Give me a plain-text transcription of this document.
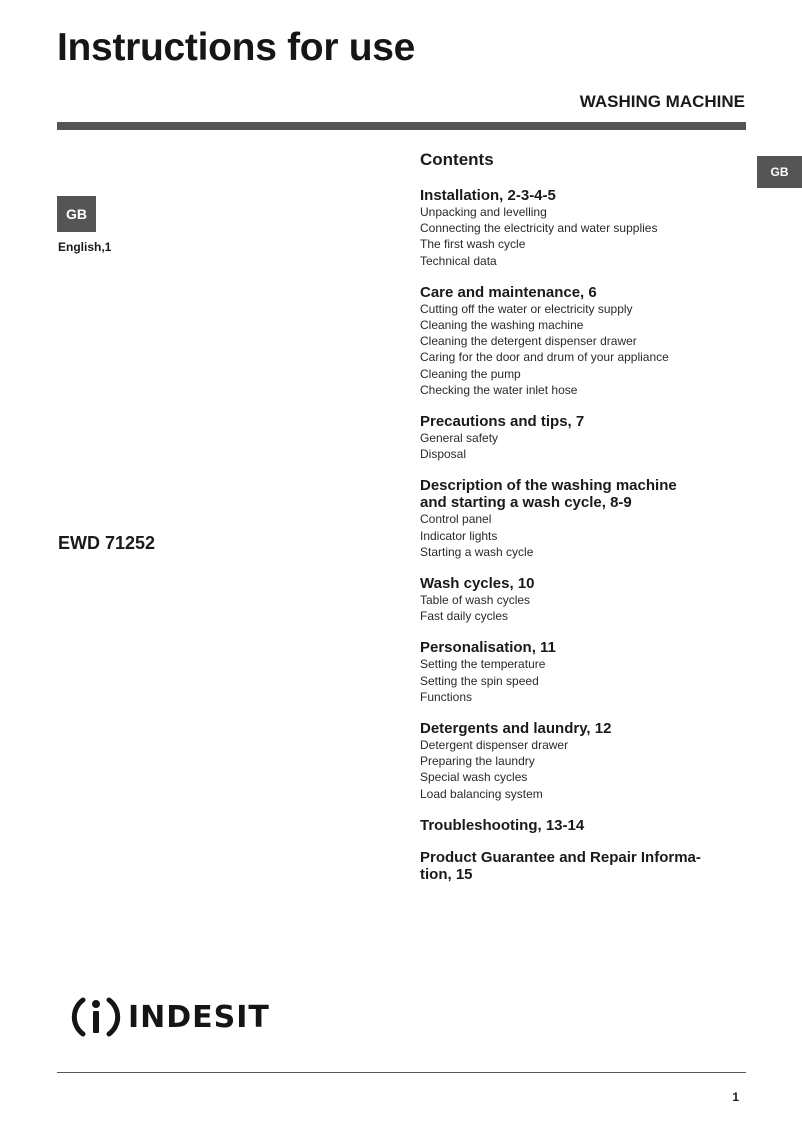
Instructions for use
WASHING MACHINE
GB
GB
English,1
EWD 71252
Contents
Installation, 2-3-4-5
Unpacking and levelling
Connecting the electricity and water supplies
The first wash cycle
Technical data
Care and maintenance, 6
Cutting off the water or electricity supply
Cleaning the washing machine
Cleaning the detergent dispenser drawer
Caring for the door and drum of your appliance
Cleaning the pump
Checking the water inlet hose
Precautions and tips, 7
General safety
Disposal
Description of the washing machine
and starting a wash cycle, 8-9
Control panel
Indicator lights
Starting a wash cycle
Wash cycles, 10
Table of wash cycles
Fast daily cycles
Personalisation, 11
Setting the temperature
Setting the spin speed
Functions
Detergents and laundry, 12
Detergent dispenser drawer
Preparing the laundry
Special wash cycles
Load balancing system
Troubleshooting, 13-14
Product Guarantee and Repair Informa-
tion, 15
INDESIT
1
